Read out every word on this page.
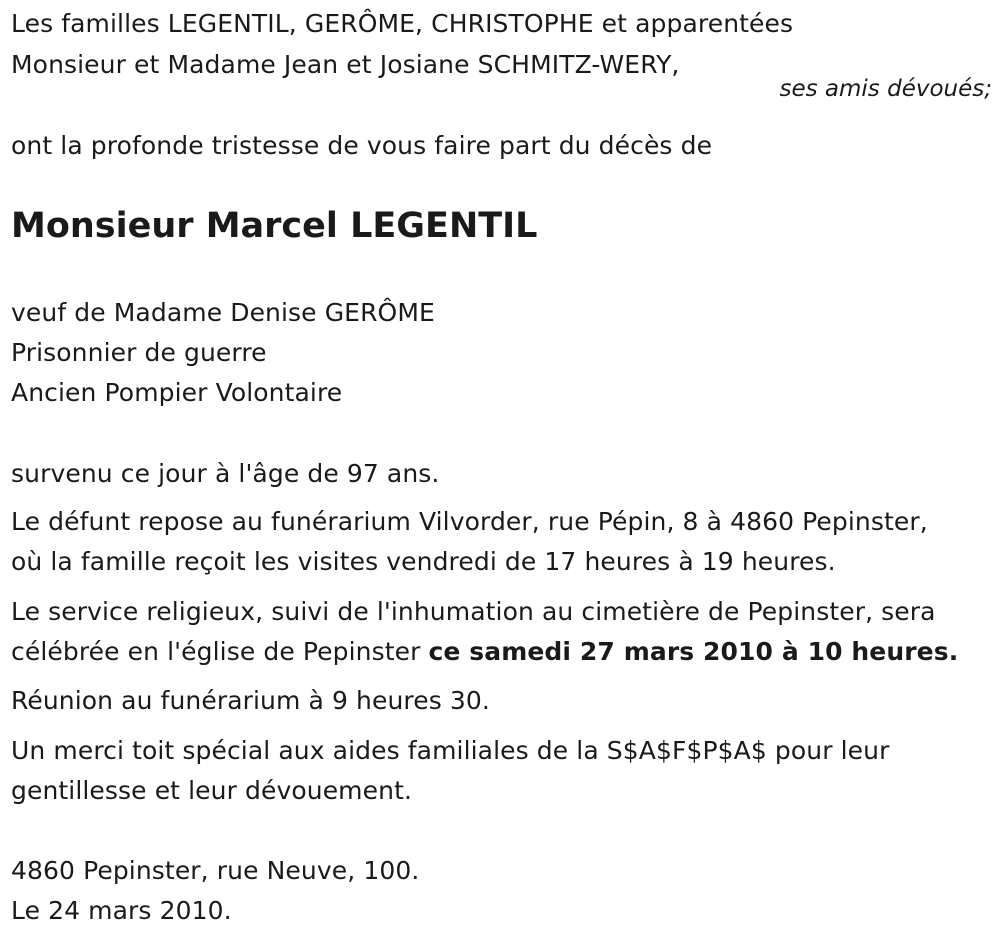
Les familles LEGENTIL, GERÔME, CHRISTOPHE et apparentées
Monsieur et Madame Jean et Josiane SCHMITZ-WERY,
ses amis dévoués;
ont la profonde tristesse de vous faire part du décès de
Monsieur Marcel LEGENTIL
veuf de Madame Denise GERÔME
Prisonnier de guerre
Ancien Pompier Volontaire
survenu ce jour à l'âge de 97 ans.
Le défunt repose au funérarium Vilvorder, rue Pépin, 8 à 4860 Pepinster,
où la famille reçoit les visites vendredi de 17 heures à 19 heures.
Le service religieux, suivi de l'inhumation au cimetière de Pepinster, sera
célébrée en l'église de Pepinster ce samedi 27 mars 2010 à 10 heures.
Réunion au funérarium à 9 heures 30.
Un merci toit spécial aux aides familiales de la S$A$F$P$A$ pour leur
gentillesse et leur dévouement.
4860 Pepinster, rue Neuve, 100.
Le 24 mars 2010.
